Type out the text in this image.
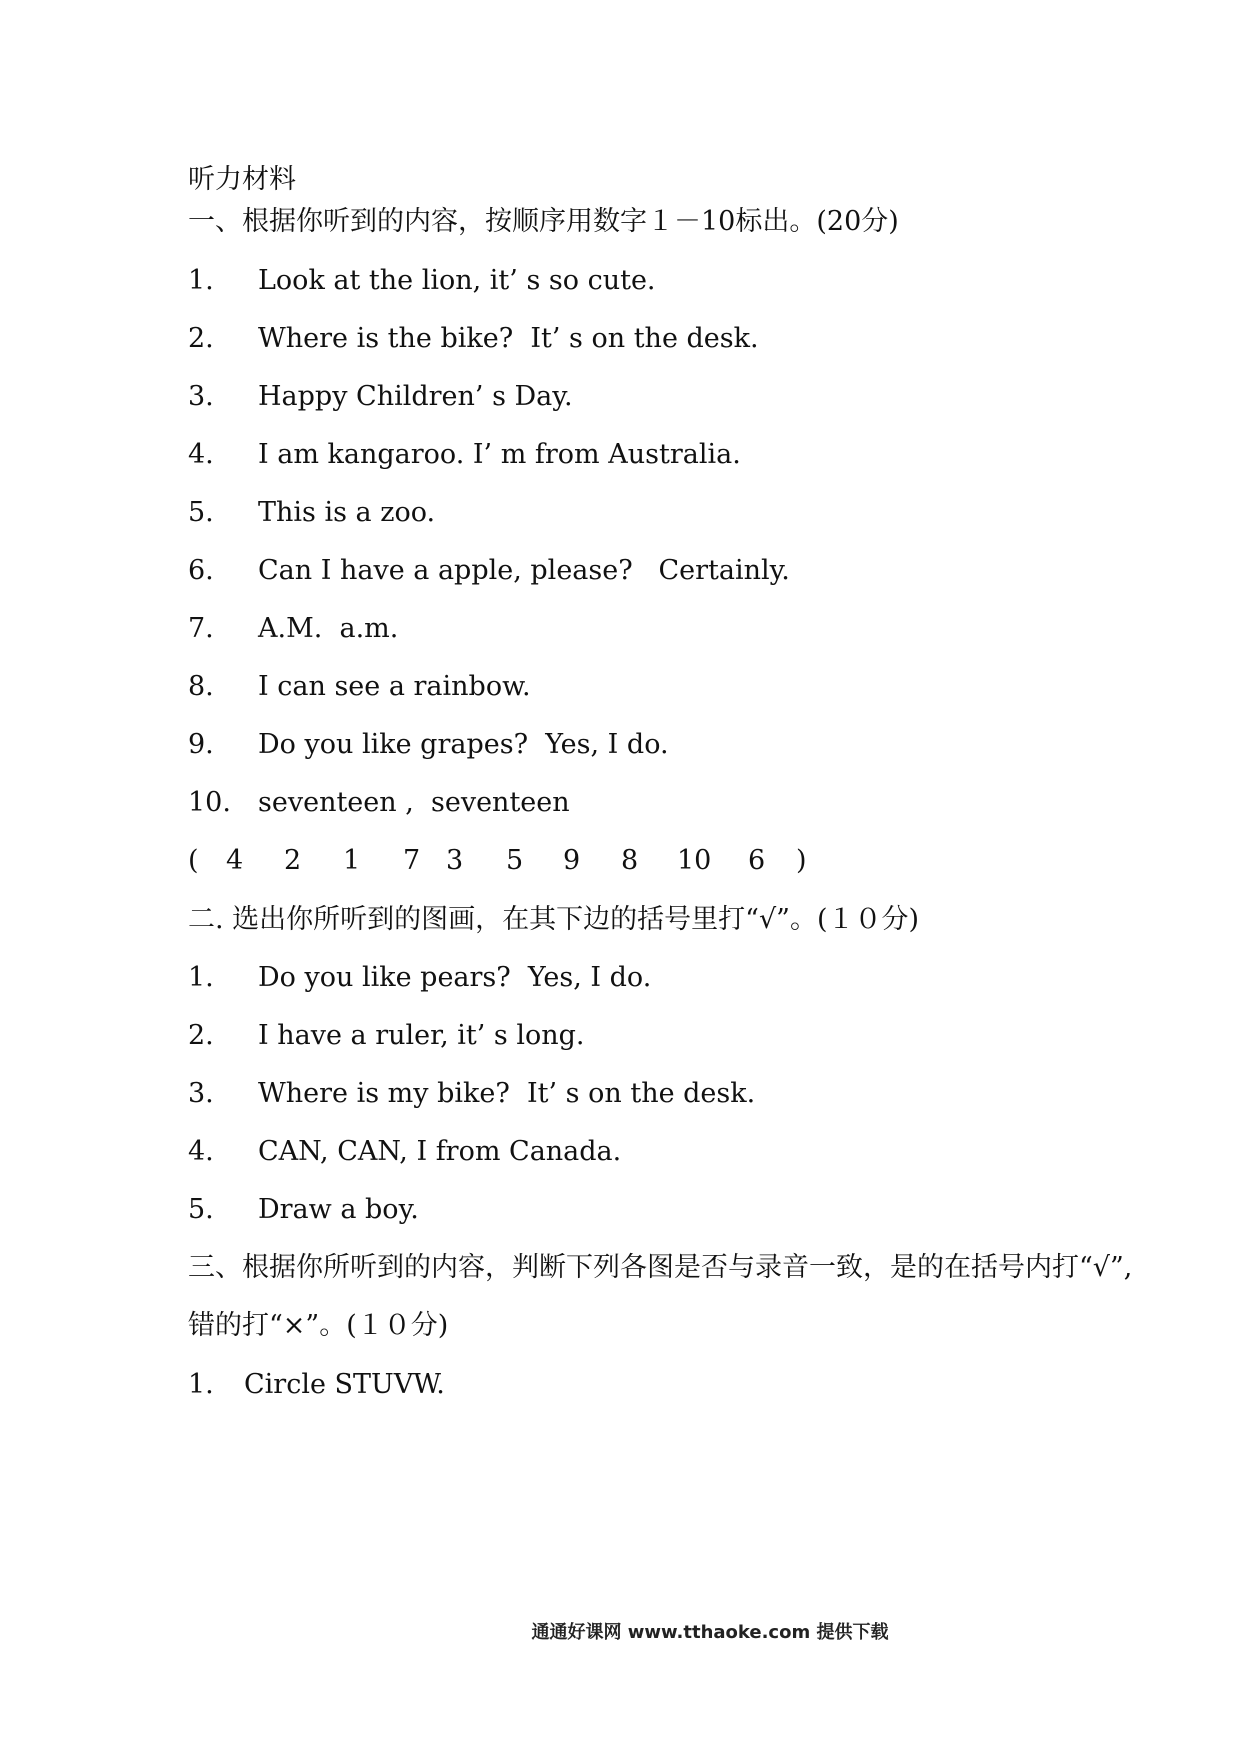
听力材料
一、根据你听到的内容，按顺序用数字１－10标出。(20分)
1. Look at the lion, it’ s so cute.
2. Where is the bike?  It’ s on the desk.
3. Happy Children’ s Day.
4. I am kangaroo. I’ m from Australia.
5. This is a zoo.
6. Can I have a apple, please?   Certainly.
7. A.M.  a.m.
8. I can see a rainbow.
9. Do you like grapes?  Yes, I do.
10. seventeen ,  seventeen

(

4

2

1

7

3

5

9

8

10

6

)

二. 选出你所听到的图画，在其下边的括号里打“√”。(１０分)
1. Do you like pears?  Yes, I do.
2. I have a ruler, it’ s long.
3. Where is my bike?  It’ s on the desk.
4. CAN, CAN, I from Canada.
5. Draw a boy.
三、根据你所听到的内容，判断下列各图是否与录音一致，是的在括号内打“√”,
错的打“×”。(１０分)
1. Circle STUVW.
通通好课网 www.tthaoke.com 提供下载
